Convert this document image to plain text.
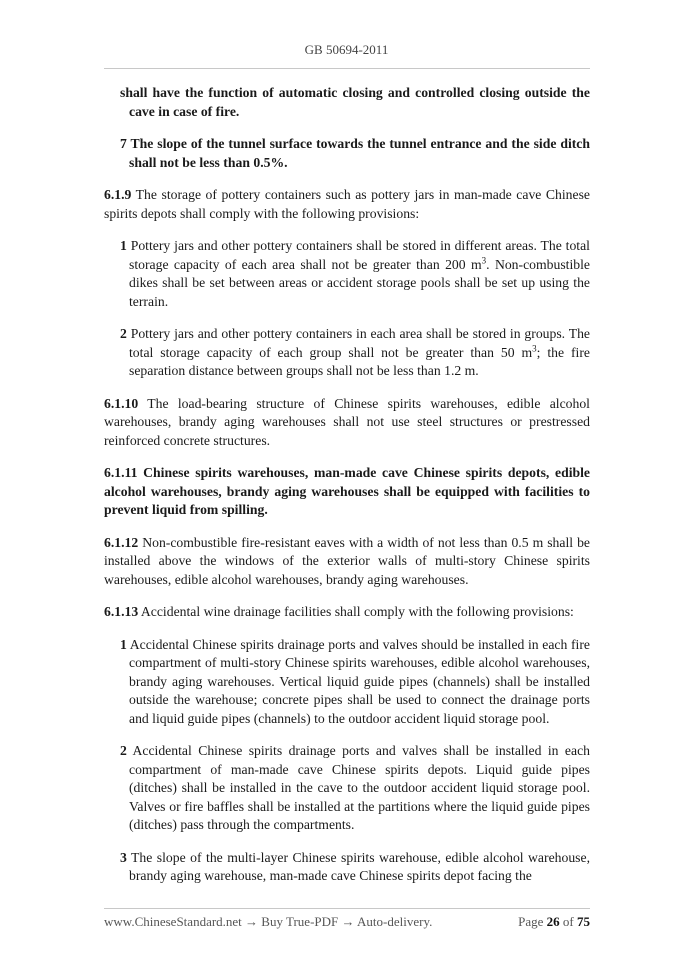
GB 50694-2011

shall have the function of automatic closing and controlled closing outside the cave in case of fire.

7 The slope of the tunnel surface towards the tunnel entrance and the side ditch shall not be less than 0.5%.

6.1.9 The storage of pottery containers such as pottery jars in man-made cave Chinese spirits depots shall comply with the following provisions:

1 Pottery jars and other pottery containers shall be stored in different areas. The total storage capacity of each area shall not be greater than 200 $m^3$. Non-combustible dikes shall be set between areas or accident storage pools shall be set up using the terrain.

2 Pottery jars and other pottery containers in each area shall be stored in groups. The total storage capacity of each group shall not be greater than 50 $m^3$; the fire separation distance between groups shall not be less than 1.2 m.

6.1.10 The load-bearing structure of Chinese spirits warehouses, edible alcohol warehouses, brandy aging warehouses shall not use steel structures or prestressed reinforced concrete structures.

6.1.11 Chinese spirits warehouses, man-made cave Chinese spirits depots, edible alcohol warehouses, brandy aging warehouses shall be equipped with facilities to prevent liquid from spilling.

6.1.12 Non-combustible fire-resistant eaves with a width of not less than 0.5 m shall be installed above the windows of the exterior walls of multi-story Chinese spirits warehouses, edible alcohol warehouses, brandy aging warehouses.

6.1.13 Accidental wine drainage facilities shall comply with the following provisions:

1 Accidental Chinese spirits drainage ports and valves should be installed in each fire compartment of multi-story Chinese spirits warehouses, edible alcohol warehouses, brandy aging warehouses. Vertical liquid guide pipes (channels) shall be installed outside the warehouse; concrete pipes shall be used to connect the drainage ports and liquid guide pipes (channels) to the outdoor accident liquid storage pool.

2 Accidental Chinese spirits drainage ports and valves shall be installed in each compartment of man-made cave Chinese spirits depots. Liquid guide pipes (ditches) shall be installed in the cave to the outdoor accident liquid storage pool. Valves or fire baffles shall be installed at the partitions where the liquid guide pipes (ditches) pass through the compartments.

3 The slope of the multi-layer Chinese spirits warehouse, edible alcohol warehouse, brandy aging warehouse, man-made cave Chinese spirits depot facing the

www.ChineseStandard.net → Buy True-PDF → Auto-delivery.	Page 26 of 75
